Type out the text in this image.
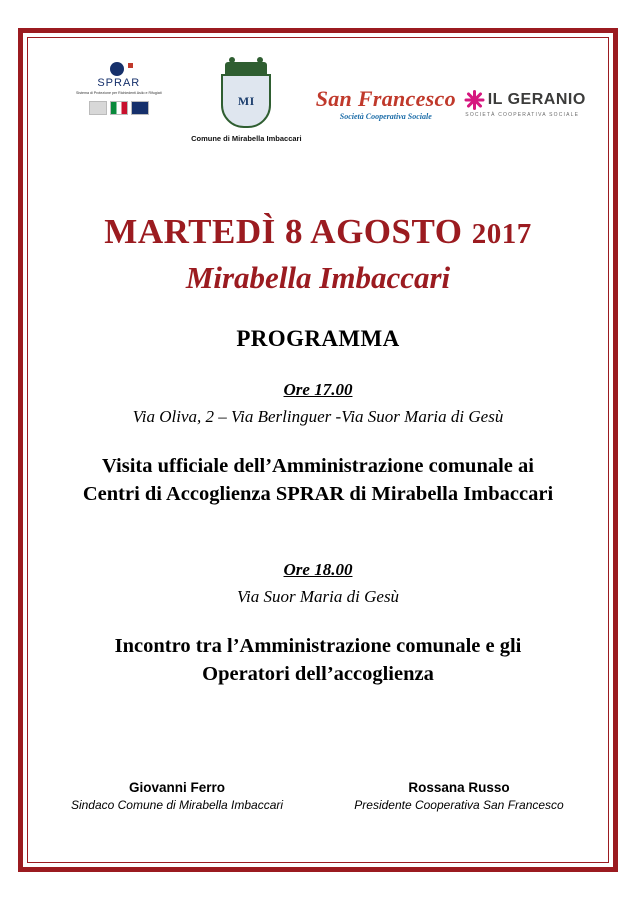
SPRAR
Sistema di Protezione per Richiedenti Asilo e Rifugiati
MI
Comune di Mirabella Imbaccari
San Francesco
Società Cooperativa Sociale
IL GERANIO
SOCIETÀ COOPERATIVA SOCIALE
MARTEDÌ 8 AGOSTO 2017
Mirabella Imbaccari
PROGRAMMA
Ore 17.00
Via Oliva, 2 – Via Berlinguer -Via Suor Maria di Gesù
Visita ufficiale dell’Amministrazione comunale ai
Centri di Accoglienza SPRAR di Mirabella Imbaccari
Ore 18.00
Via Suor Maria di Gesù
Incontro tra l’Amministrazione comunale e gli
Operatori dell’accoglienza
Giovanni Ferro
Sindaco Comune di Mirabella Imbaccari
Rossana Russo
Presidente Cooperativa San Francesco
